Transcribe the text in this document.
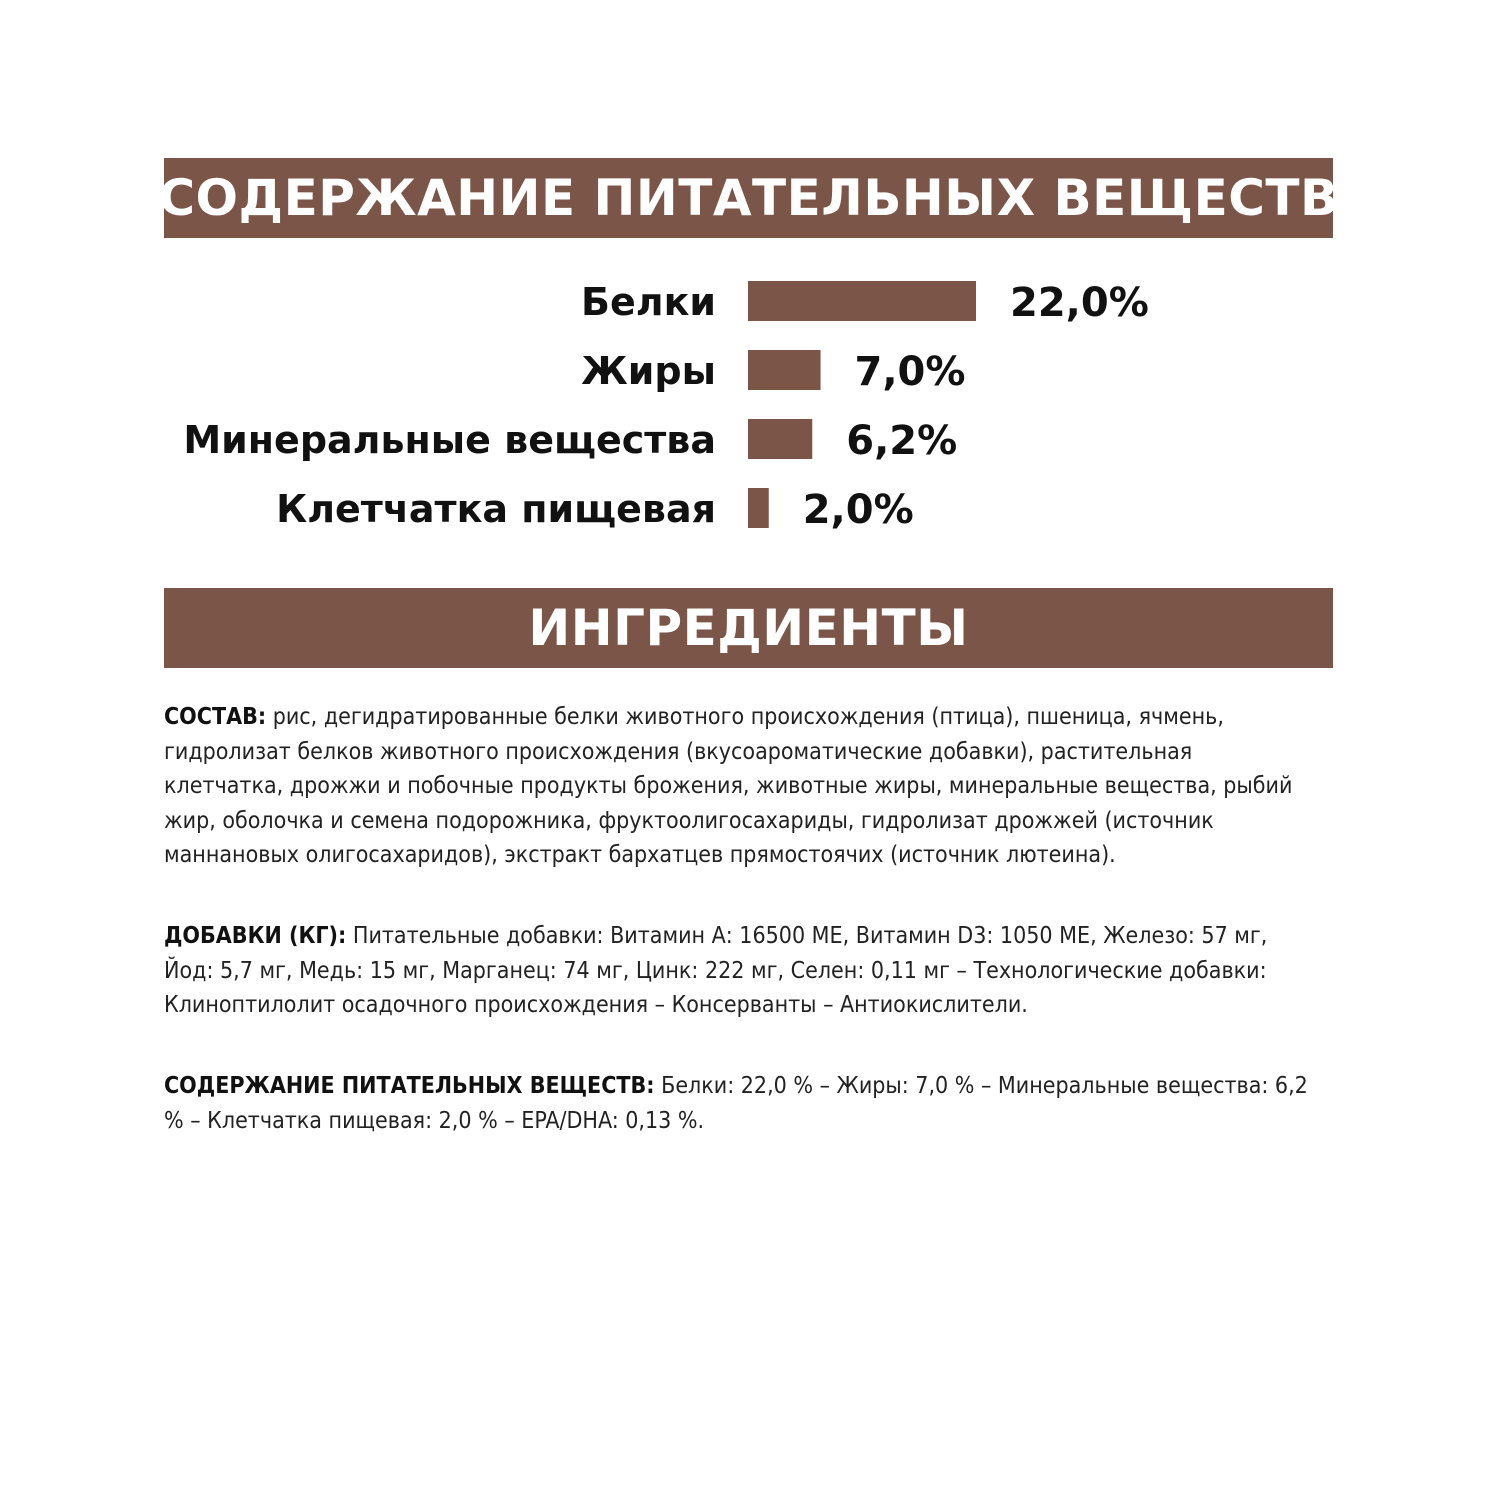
СОДЕРЖАНИЕ ПИТАТЕЛЬНЫХ ВЕЩЕСТВ
Белки	22,0%
Жиры	7,0%
Минеральные вещества	6,2%
Клетчатка пищевая 2,0%
ИНГРЕДИЕНТЫ

СОСТАВ: рис, дегидратированные белки животного происхождения (птица), пшеница, ячмень, гидролизат белков животного происхождения (вкусоароматические добавки), растительная клетчатка, дрожжи и побочные продукты брожения, животные жиры, минеральные вещества, рыбий жир, оболочка и семена подорожника, фруктоолигосахариды, гидролизат дрожжей (источник маннановых олигосахаридов), экстракт бархатцев прямостоячих (источник лютеина).

ДОБАВКИ (КГ): Питательные добавки: Витамин А: 16500 МЕ, Витамин D3: 1050 МЕ, Железо: 57 мг, Йод: 5,7 мг, Медь: 15 мг, Марганец: 74 мг, Цинк: 222 мг, Селен: 0,11 мг – Технологические добавки: Клиноптилолит осадочного происхождения – Консерванты – Антиокислители.

СОДЕРЖАНИЕ ПИТАТЕЛЬНЫХ ВЕЩЕСТВ: Белки: 22,0 % – Жиры: 7,0 % – Минеральные вещества: 6,2 % – Клетчатка пищевая: 2,0 % – EPA/DHA: 0,13 %.
